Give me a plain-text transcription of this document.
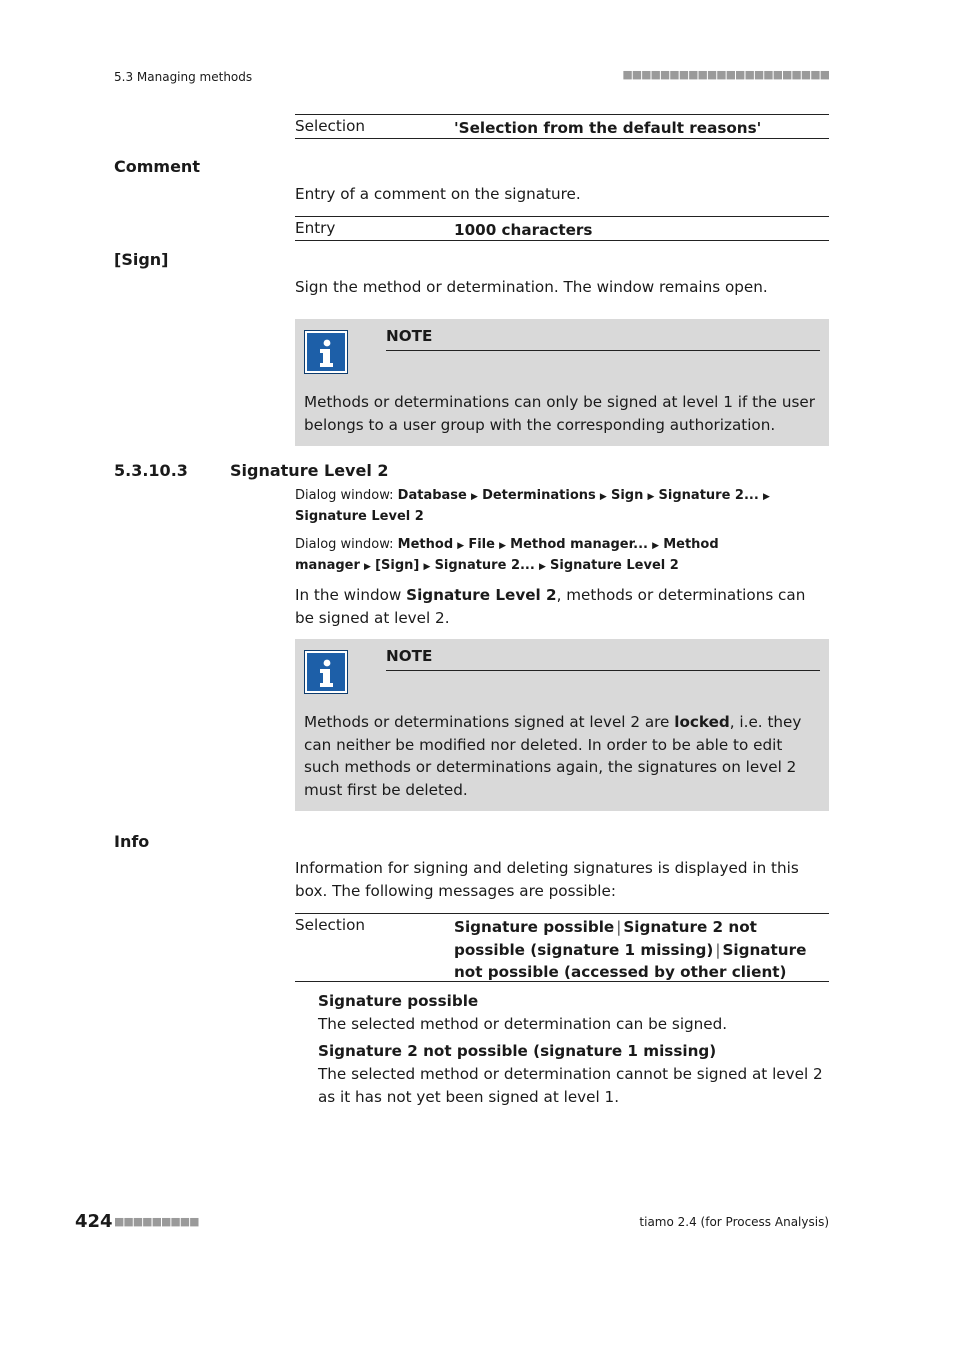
5.3 Managing methods	■■■■■■■■■■■■■■■■■■■■■■
Selection	'Selection from the default reasons'
Comment
Entry of a comment on the signature.
Entry	1000 characters
[Sign]
Sign the method or determination. The window remains open.
NOTE
Methods or determinations can only be signed at level 1 if the user belongs to a user group with the corresponding authorization.
5.3.10.3	Signature Level 2
Dialog window: Database ▶ Determinations ▶ Sign ▶ Signature 2... ▶ Signature Level 2
Dialog window: Method ▶ File ▶ Method manager... ▶ Method manager ▶ [Sign] ▶ Signature 2... ▶ Signature Level 2
In the window Signature Level 2, methods or determinations can be signed at level 2.
NOTE
Methods or determinations signed at level 2 are locked, i.e. they can neither be modified nor deleted. In order to be able to edit such methods or determinations again, the signatures on level 2 must first be deleted.
Info
Information for signing and deleting signatures is displayed in this box. The following messages are possible:
Selection	Signature possible | Signature 2 not possible (signature 1 missing) | Signature not possible (accessed by other client)
Signature possible
The selected method or determination can be signed.
Signature 2 not possible (signature 1 missing)
The selected method or determination cannot be signed at level 2 as it has not yet been signed at level 1.
424 ■■■■■■■■■	tiamo 2.4 (for Process Analysis)
